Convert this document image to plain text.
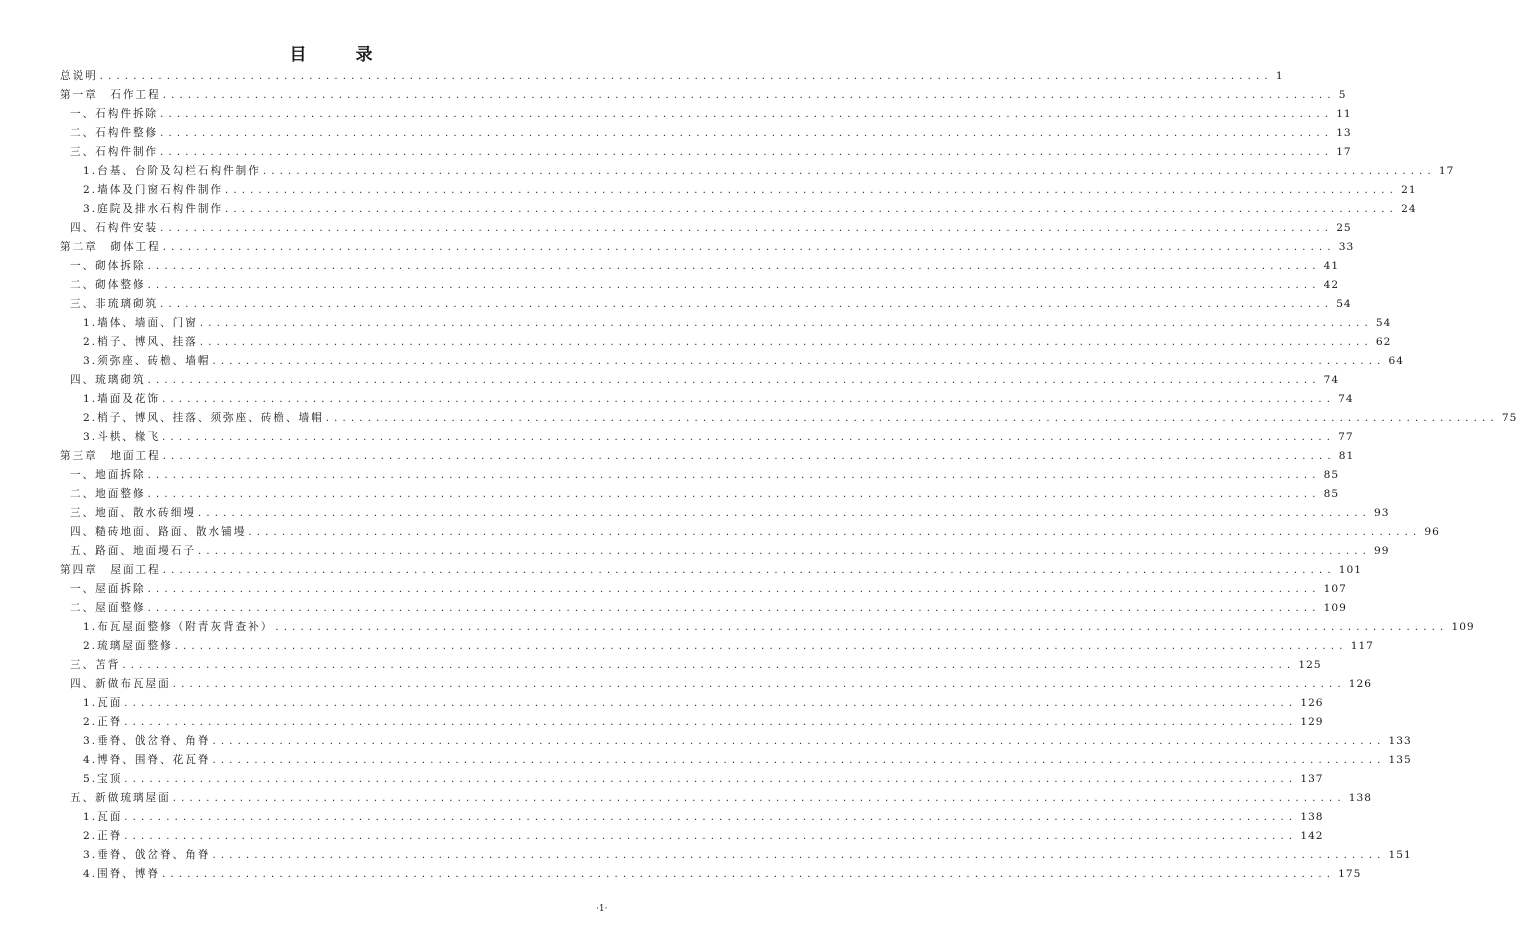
目　录
总说明 ............................................................................................................................................ 1
第一章　石作工程 ............................................................................................................................................ 5
一、石构件拆除 ............................................................................................................................................ 11
二、石构件整修 ............................................................................................................................................ 13
三、石构件制作 ............................................................................................................................................ 17
1.台基、台阶及勾栏石构件制作 ............................................................................................................................................ 17
2.墙体及门窗石构件制作 ............................................................................................................................................ 21
3.庭院及排水石构件制作 ............................................................................................................................................ 24
四、石构件安装 ............................................................................................................................................ 25
第二章　砌体工程 ............................................................................................................................................ 33
一、砌体拆除 ............................................................................................................................................ 41
二、砌体整修 ............................................................................................................................................ 42
三、非琉璃砌筑 ............................................................................................................................................ 54
1.墙体、墙面、门窗 ............................................................................................................................................ 54
2.梢子、博风、挂落 ............................................................................................................................................ 62
3.须弥座、砖檐、墙帽 ............................................................................................................................................ 64
四、琉璃砌筑 ............................................................................................................................................ 74
1.墙面及花饰 ............................................................................................................................................ 74
2.梢子、博风、挂落、须弥座、砖檐、墙帽 ............................................................................................................................................ 75
3.斗栱、椽飞 ............................................................................................................................................ 77
第三章　地面工程 ............................................................................................................................................ 81
一、地面拆除 ............................................................................................................................................ 85
二、地面整修 ............................................................................................................................................ 85
三、地面、散水砖细墁 ............................................................................................................................................ 93
四、糙砖地面、路面、散水铺墁 ............................................................................................................................................ 96
五、路面、地面墁石子 ............................................................................................................................................ 99
第四章　屋面工程 ............................................................................................................................................ 101
一、屋面拆除 ............................................................................................................................................ 107
二、屋面整修 ............................................................................................................................................ 109
1.布瓦屋面整修（附青灰背查补） ............................................................................................................................................ 109
2.琉璃屋面整修 ............................................................................................................................................ 117
三、苫背 ............................................................................................................................................ 125
四、新做布瓦屋面 ............................................................................................................................................ 126
1.瓦面 ............................................................................................................................................ 126
2.正脊 ............................................................................................................................................ 129
3.垂脊、戗岔脊、角脊 ............................................................................................................................................ 133
4.博脊、围脊、花瓦脊 ............................................................................................................................................ 135
5.宝顶 ............................................................................................................................................ 137
五、新做琉璃屋面 ............................................................................................................................................ 138
1.瓦面 ............................................................................................................................................ 138
2.正脊 ............................................................................................................................................ 142
3.垂脊、戗岔脊、角脊 ............................................................................................................................................ 151
4.围脊、博脊 ............................................................................................................................................ 175
·1·
